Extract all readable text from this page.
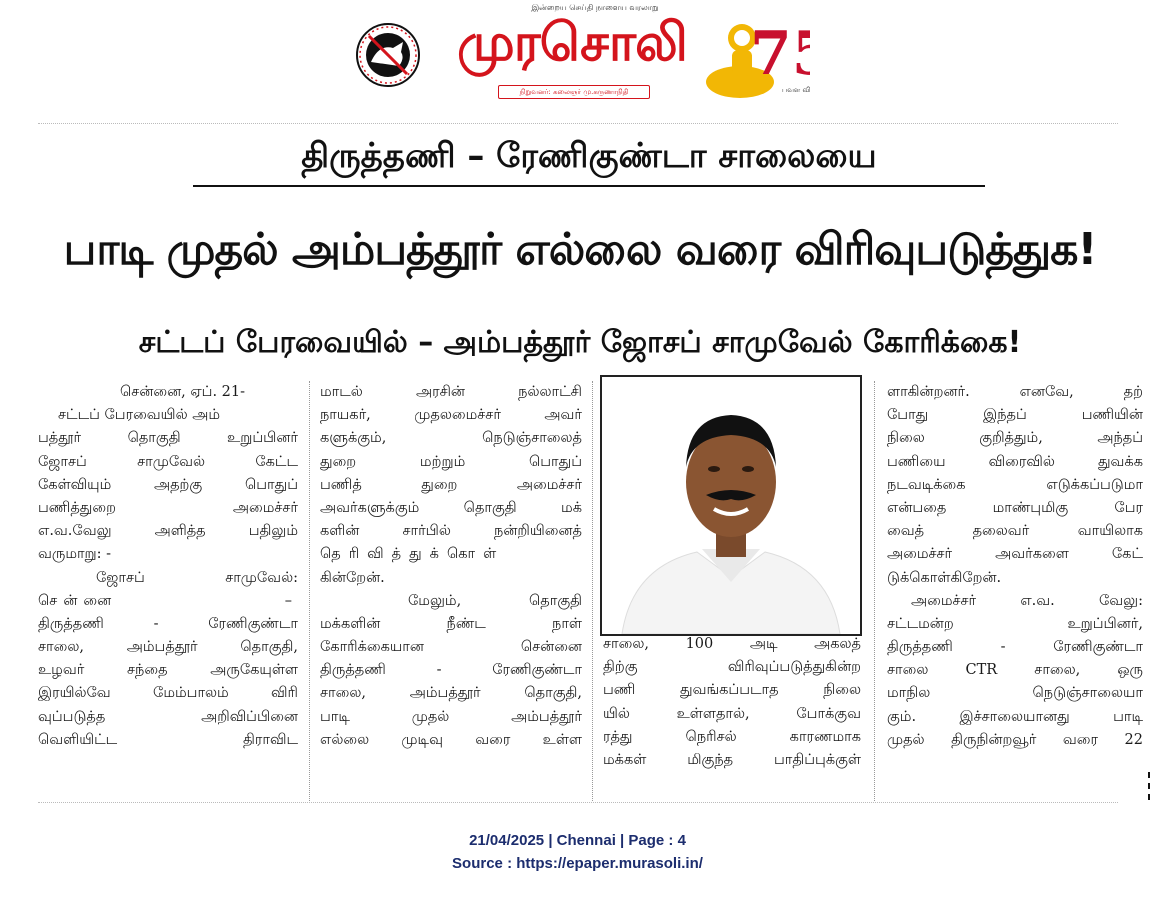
இன்றைய செய்தி நாளைய வரலாறு
முரசொலி
நிறுவனர்: கலைஞர் மு.கருணாநிதி
7
பவள வி
திருத்தணி – ரேணிகுண்டா சாலையை
பாடி முதல் அம்பத்தூர் எல்லை வரை விரிவுபடுத்துக!
சட்டப் பேரவையில் – அம்பத்தூர் ஜோசப் சாமுவேல் கோரிக்கை!
சென்னை, ஏப். 21-
சட்டப் பேரவையில் அம்
பத்தூர் தொகுதி உறுப்பினர்
ஜோசப் சாமுவேல் கேட்ட
கேள்வியும் அதற்கு பொதுப்
பணித்துறை அமைச்சர்
எ.வ.வேலு அளித்த பதிலும்
வருமாறு: -
ஜோசப் சாமுவேல்:
சென்னை –
திருத்தணி - ரேணிகுண்டா
சாலை, அம்பத்தூர் தொகுதி,
உழவர் சந்தை அருகேயுள்ள
இரயில்வே மேம்பாலம் விரி
வுப்படுத்த அறிவிப்பினை
வெளியிட்ட திராவிட
மாடல் அரசின் நல்லாட்சி
நாயகர், முதலமைச்சர் அவர்
களுக்கும், நெடுஞ்சாலைத்
துறை மற்றும் பொதுப்
பணித் துறை அமைச்சர்
அவர்களுக்கும் தொகுதி மக்
களின் சார்பில் நன்றியினைத்
தெரிவித்துக்கொள்
கின்றேன்.
மேலும், தொகுதி
மக்களின் நீண்ட நாள்
கோரிக்கையான சென்னை
திருத்தணி - ரேணிகுண்டா
சாலை, அம்பத்தூர் தொகுதி,
பாடி முதல் அம்பத்தூர்
எல்லை முடிவு வரை உள்ள
சாலை, 100 அடி அகலத்
திற்கு விரிவுப்படுத்துகின்ற
பணி துவங்கப்படாத நிலை
யில் உள்ளதால், போக்குவ
ரத்து நெரிசல் காரணமாக
மக்கள் மிகுந்த பாதிப்புக்குள்
ளாகின்றனர். எனவே, தற்
போது இந்தப் பணியின்
நிலை குறித்தும், அந்தப்
பணியை விரைவில் துவக்க
நடவடிக்கை எடுக்கப்படுமா
என்பதை மாண்புமிகு பேர
வைத் தலைவர் வாயிலாக
அமைச்சர் அவர்களை கேட்
டுக்கொள்கிறேன்.
அமைச்சர் எ.வ. வேலு:
சட்டமன்ற உறுப்பினர்,
திருத்தணி - ரேணிகுண்டா
சாலை CTR சாலை, ஒரு
மாநில நெடுஞ்சாலையா
கும். இச்சாலையானது பாடி
முதல் திருநின்றவூர் வரை 22
21/04/2025 | Chennai | Page : 4
Source : https://epaper.murasoli.in/
